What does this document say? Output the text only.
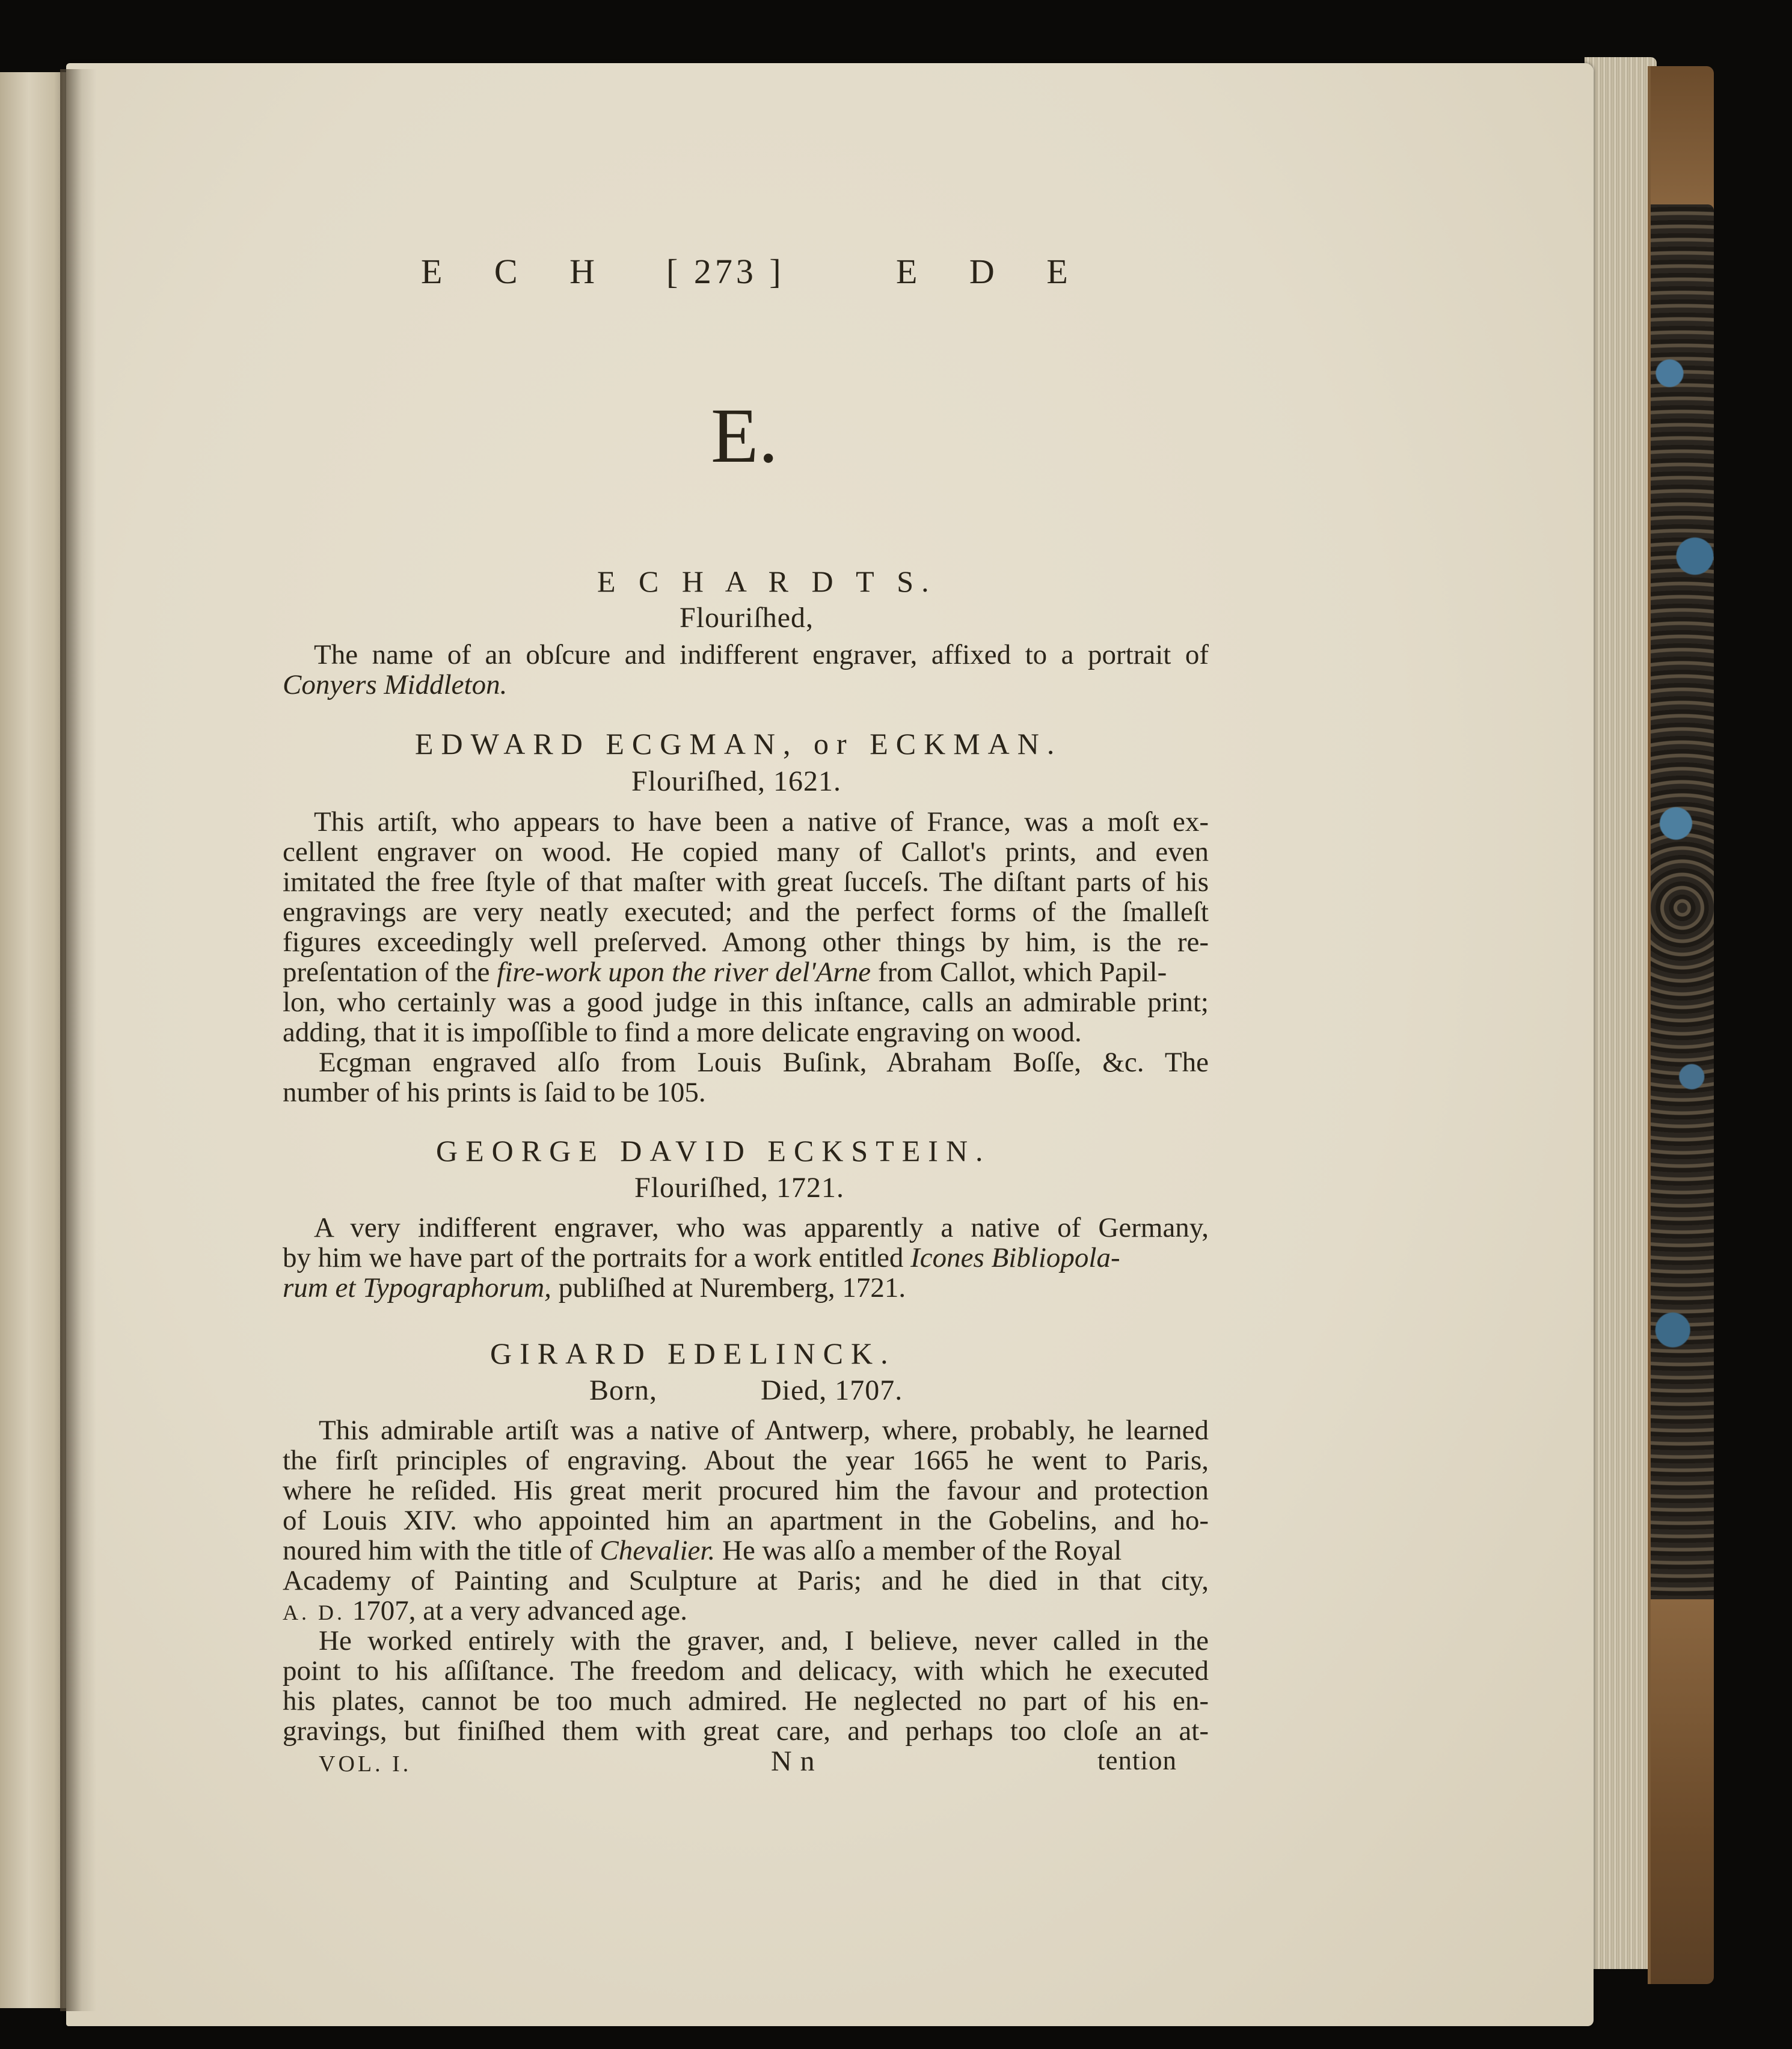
E C H [ 273 ]	E D E
E.
E C H A R D T S.
Flouriſhed,
The name of an obſcure and indifferent engraver, affixed to a portrait of
Conyers Middleton.
EDWARD ECGMAN, or ECKMAN.
Flouriſhed, 1621.
This artiſt, who appears to have been a native of France, was a moſt ex-
cellent engraver on wood. He copied many of Callot's prints, and even
imitated the free ſtyle of that maſter with great ſucceſs. The diſtant parts of his
engravings are very neatly executed; and the perfect forms of the ſmalleſt
figures exceedingly well preſerved. Among other things by him, is the re-
preſentation of the fire-work upon the river del'Arne from Callot, which Papil-
lon, who certainly was a good judge in this inſtance, calls an admirable print;
adding, that it is impoſſible to find a more delicate engraving on wood.
Ecgman engraved alſo from Louis Buſink, Abraham Boſſe, &c. The
number of his prints is ſaid to be 105.
GEORGE DAVID ECKSTEIN.
Flouriſhed, 1721.
A very indifferent engraver, who was apparently a native of Germany,
by him we have part of the portraits for a work entitled Icones Bibliopola-
rum et Typographorum, publiſhed at Nuremberg, 1721.
GIRARD EDELINCK.
Born,	Died, 1707.
This admirable artiſt was a native of Antwerp, where, probably, he learned
the firſt principles of engraving. About the year 1665 he went to Paris,
where he reſided. His great merit procured him the favour and protection
of Louis XIV. who appointed him an apartment in the Gobelins, and ho-
noured him with the title of Chevalier. He was alſo a member of the Royal
Academy of Painting and Sculpture at Paris; and he died in that city,
A. D. 1707, at a very advanced age.
He worked entirely with the graver, and, I believe, never called in the
point to his aſſiſtance. The freedom and delicacy, with which he executed
his plates, cannot be too much admired. He neglected no part of his en-
gravings, but finiſhed them with great care, and perhaps too cloſe an at-
VOL. I.	N n	tention
